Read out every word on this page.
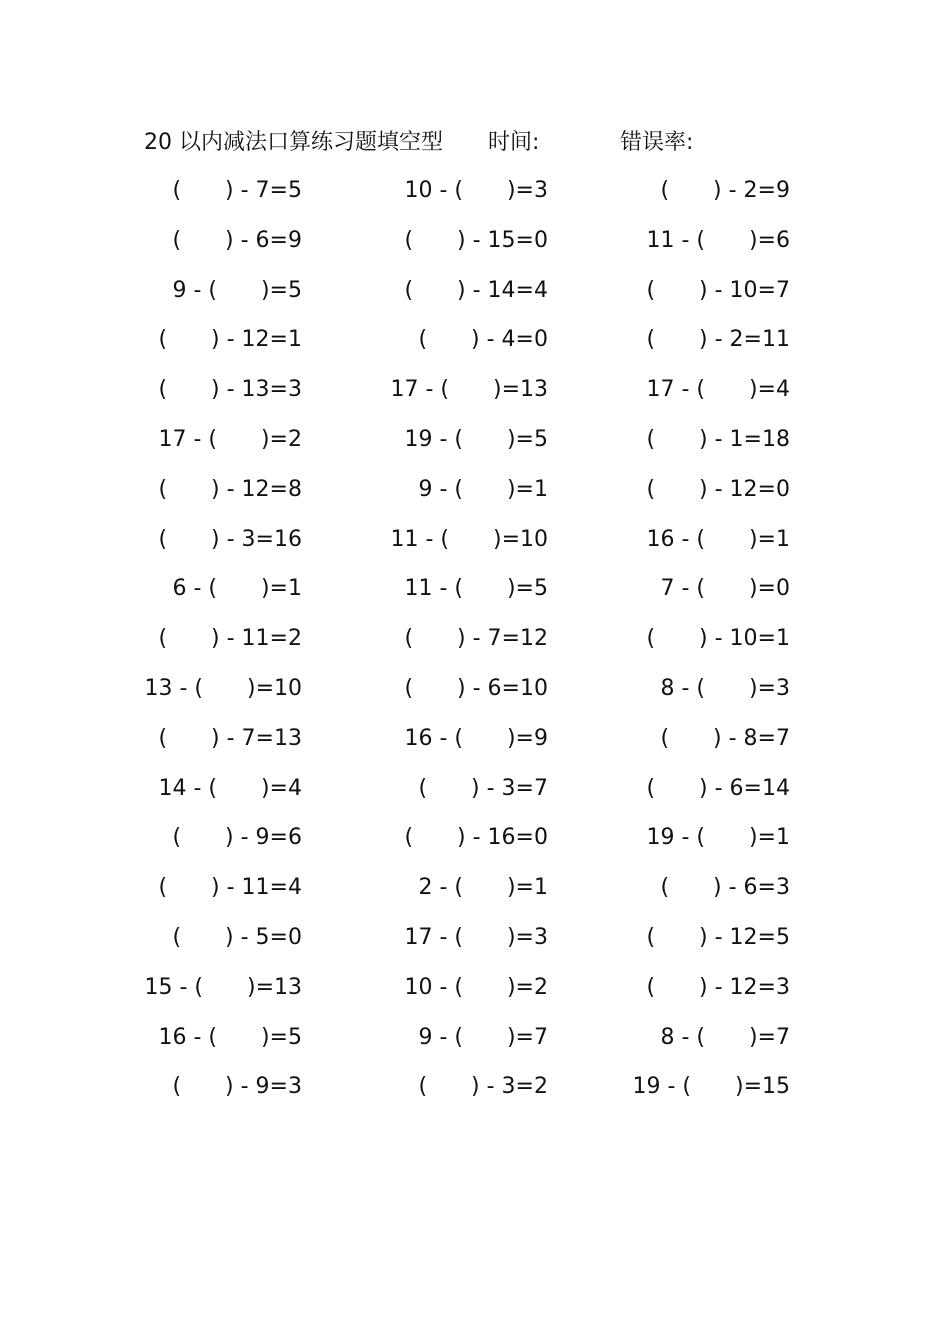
20 以内减法口算练习题填空型 时间:	错误率:
(　　) - 7=5	10 - (　　)=3	(　　) - 2=9
(　　) - 6=9	(　　) - 15=0	11 - (　　)=6
9 - (　　)=5	(　　) - 14=4	(　　) - 10=7
(　　) - 12=1	(　　) - 4=0	(　　) - 2=11
(　　) - 13=3	17 - (　　)=13	17 - (　　)=4
17 - (　　)=2	19 - (　　)=5	(　　) - 1=18
(　　) - 12=8	9 - (　　)=1	(　　) - 12=0
(　　) - 3=16	11 - (　　)=10	16 - (　　)=1
6 - (　　)=1	11 - (　　)=5	7 - (　　)=0
(　　) - 11=2	(　　) - 7=12	(　　) - 10=1
13 - (　　)=10	(　　) - 6=10	8 - (　　)=3
(　　) - 7=13	16 - (　　)=9	(　　) - 8=7
14 - (　　)=4	(　　) - 3=7	(　　) - 6=14
(　　) - 9=6	(　　) - 16=0	19 - (　　)=1
(　　) - 11=4	2 - (　　)=1	(　　) - 6=3
(　　) - 5=0	17 - (　　)=3	(　　) - 12=5
15 - (　　)=13	10 - (　　)=2	(　　) - 12=3
16 - (　　)=5	9 - (　　)=7	8 - (　　)=7
(　　) - 9=3	(　　) - 3=2	19 - (　　)=15
